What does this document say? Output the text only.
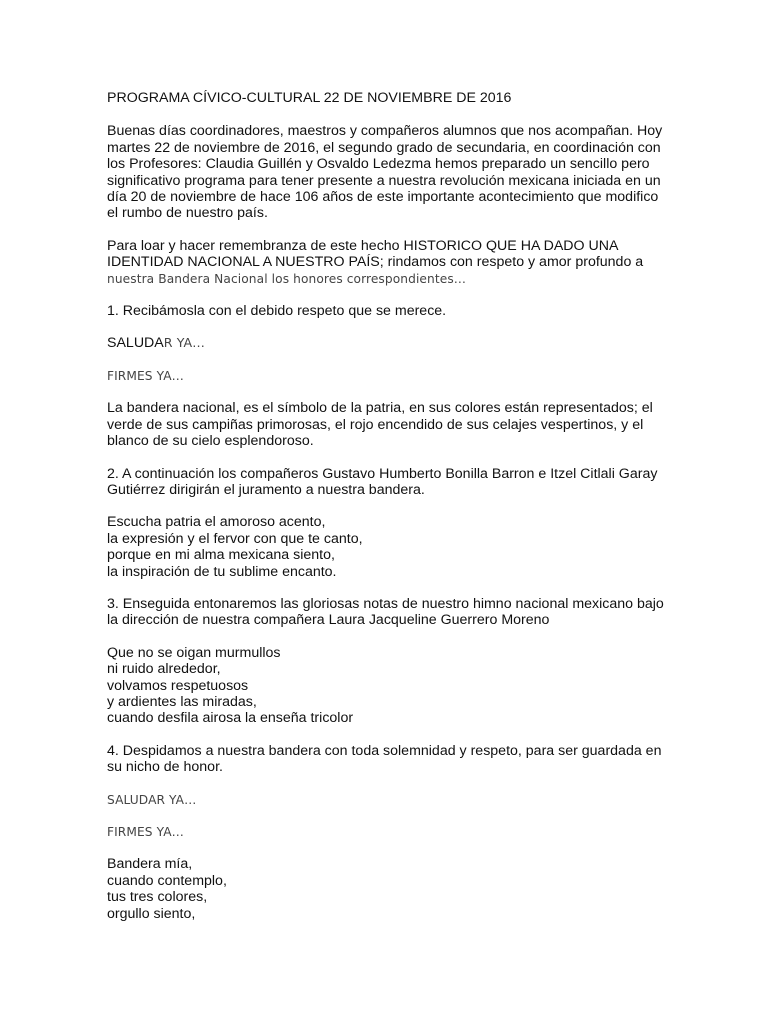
PROGRAMA CÍVICO-CULTURAL 22 DE NOVIEMBRE DE 2016

Buenas días coordinadores, maestros y compañeros alumnos que nos acompañan. Hoy
martes 22 de noviembre de 2016, el segundo grado de secundaria, en coordinación con
los Profesores: Claudia Guillén y Osvaldo Ledezma hemos preparado un sencillo pero
significativo programa para tener presente a nuestra revolución mexicana iniciada en un
día 20 de noviembre de hace 106 años de este importante acontecimiento que modifico
el rumbo de nuestro país.

Para loar y hacer remembranza de este hecho HISTORICO QUE HA DADO UNA
IDENTIDAD NACIONAL A NUESTRO PAÍS; rindamos con respeto y amor profundo a
nuestra Bandera Nacional los honores correspondientes…

1. Recibámosla con el debido respeto que se merece.

SALUDAR YA…

FIRMES YA…

La bandera nacional, es el símbolo de la patria, en sus colores están representados; el
verde de sus campiñas primorosas, el rojo encendido de sus celajes vespertinos, y el
blanco de su cielo esplendoroso.

2. A continuación los compañeros Gustavo Humberto Bonilla Barron e Itzel Citlali Garay
Gutiérrez dirigirán el juramento a nuestra bandera.

Escucha patria el amoroso acento,
la expresión y el fervor con que te canto,
porque en mi alma mexicana siento,
la inspiración de tu sublime encanto.

3. Enseguida entonaremos las gloriosas notas de nuestro himno nacional mexicano bajo
la dirección de nuestra compañera Laura Jacqueline Guerrero Moreno

Que no se oigan murmullos
ni ruido alrededor,
volvamos respetuosos
y ardientes las miradas,
cuando desfila airosa la enseña tricolor

4. Despidamos a nuestra bandera con toda solemnidad y respeto, para ser guardada en
su nicho de honor.

SALUDAR YA…

FIRMES YA…

Bandera mía,
cuando contemplo,
tus tres colores,
orgullo siento,
